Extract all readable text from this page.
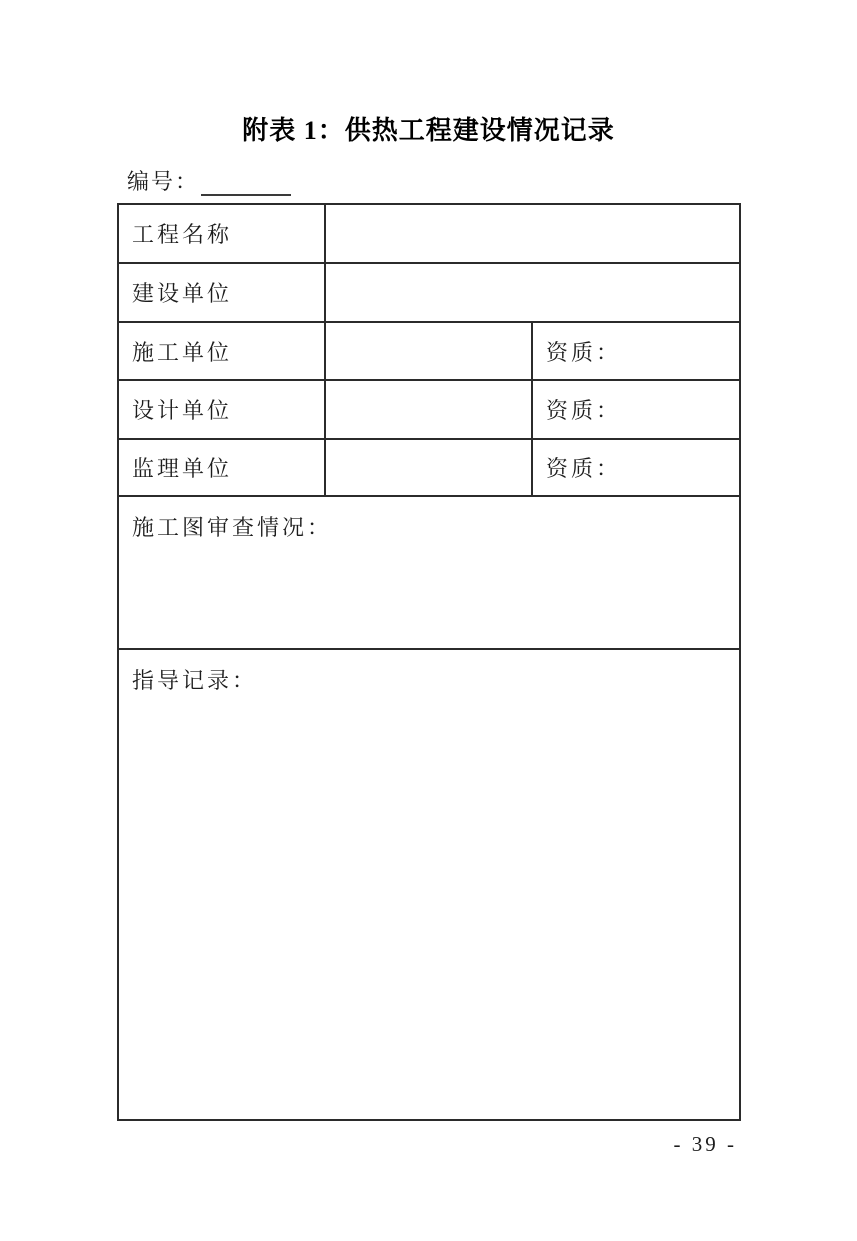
附表 1：供热工程建设情况记录
编号：
工程名称		
建设单位		
施工单位		资质：
设计单位		资质：
监理单位		资质：
施工图审查情况：		
指导记录：		
- 39 -
